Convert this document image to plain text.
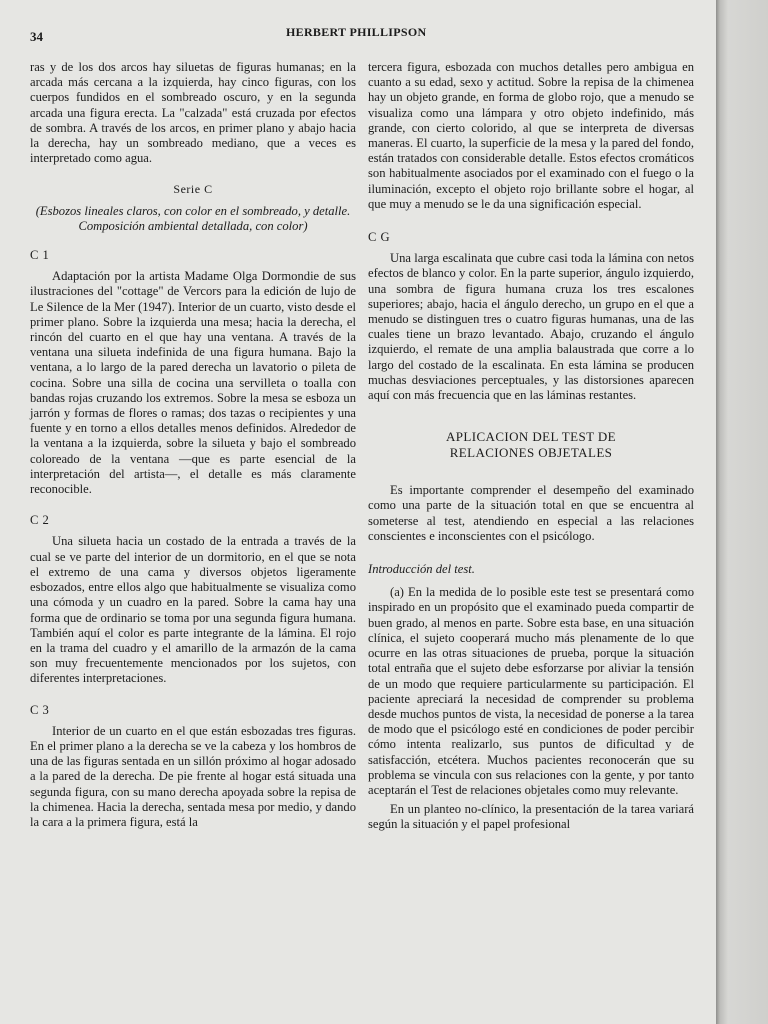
34	HERBERT PHILLIPSON

ras y de los dos arcos hay siluetas de figuras humanas; en la arcada más cercana a la izquierda, hay cinco figuras, con los cuerpos fundidos en el sombreado oscuro, y en la segunda arcada una figura erecta. La "calzada" está cruzada por efectos de sombra. A través de los arcos, en primer plano y abajo hacia la derecha, hay un sombreado mediano, que a veces es interpretado como agua.

Serie C
(Esbozos lineales claros, con color en el sombreado, y detalle. Composición ambiental detallada, con color)
C 1

Adaptación por la artista Madame Olga Dormondie de sus ilustraciones del "cottage" de Vercors para la edición de lujo de Le Silence de la Mer (1947). Interior de un cuarto, visto desde el primer plano. Sobre la izquierda una mesa; hacia la derecha, el rincón del cuarto en el que hay una ventana. A través de la ventana una silueta indefinida de una figura humana. Bajo la ventana, a lo largo de la pared derecha un lavatorio o pileta de cocina. Sobre una silla de cocina una servilleta o toalla con bandas rojas cruzando los extremos. Sobre la mesa se esboza un jarrón y formas de flores o ramas; dos tazas o recipientes y una fuente y en torno a ellos detalles menos definidos. Alrededor de la ventana a la izquierda, sobre la silueta y bajo el sombreado coloreado de la ventana —que es parte esencial de la interpretación del artista—, el detalle es más claramente reconocible.

C 2

Una silueta hacia un costado de la entrada a través de la cual se ve parte del interior de un dormitorio, en el que se nota el extremo de una cama y diversos objetos ligeramente esbozados, entre ellos algo que habitualmente se visualiza como una cómoda y un cuadro en la pared. Sobre la cama hay una forma que de ordinario se toma por una segunda figura humana. También aquí el color es parte integrante de la lámina. El rojo en la trama del cuadro y el amarillo de la armazón de la cama son muy frecuentemente mencionados por los sujetos, con diferentes interpretaciones.

C 3

Interior de un cuarto en el que están esbozadas tres figuras. En el primer plano a la derecha se ve la cabeza y los hombros de una de las figuras sentada en un sillón próximo al hogar adosado a la pared de la derecha. De pie frente al hogar está situada una segunda figura, con su mano derecha apoyada sobre la repisa de la chimenea. Hacia la derecha, sentada mesa por medio, y dando la cara a la primera figura, está la

tercera figura, esbozada con muchos detalles pero ambigua en cuanto a su edad, sexo y actitud. Sobre la repisa de la chimenea hay un objeto grande, en forma de globo rojo, que a menudo se visualiza como una lámpara y otro objeto indefinido, más grande, con cierto colorido, al que se interpreta de diversas maneras. El cuarto, la superficie de la mesa y la pared del fondo, están tratados con considerable detalle. Estos efectos cromáticos son habitualmente asociados por el examinado con el fuego o la iluminación, excepto el objeto rojo brillante sobre el hogar, al que muy a menudo se le da una significación especial.

C G

Una larga escalinata que cubre casi toda la lámina con netos efectos de blanco y color. En la parte superior, ángulo izquierdo, una sombra de figura humana cruza los tres escalones superiores; abajo, hacia el ángulo derecho, un grupo en el que a menudo se distinguen tres o cuatro figuras humanas, una de las cuales tiene un brazo levantado. Abajo, cruzando el ángulo izquierdo, el remate de una amplia balaustrada que corre a lo largo del costado de la escalinata. En esta lámina se producen muchas desviaciones perceptuales, y las distorsiones aparecen aquí con más frecuencia que en las láminas restantes.

APLICACION DEL TEST DE
RELACIONES OBJETALES

Es importante comprender el desempeño del examinado como una parte de la situación total en que se encuentra al someterse al test, atendiendo en especial a las relaciones conscientes e inconscientes con el psicólogo.

Introducción del test.

(a) En la medida de lo posible este test se presentará como inspirado en un propósito que el examinado pueda compartir de buen grado, al menos en parte. Sobre esta base, en una situación clínica, el sujeto cooperará mucho más plenamente de lo que ocurre en las otras situaciones de prueba, porque la situación total entraña que el sujeto debe esforzarse por aliviar la tensión de un modo que requiere particularmente su participación. El paciente apreciará la necesidad de comprender su problema desde muchos puntos de vista, la necesidad de ponerse a la tarea de modo que el psicólogo esté en condiciones de poder percibir cómo intenta realizarlo, sus puntos de dificultad y de satisfacción, etcétera. Muchos pacientes reconocerán que su problema se vincula con sus relaciones con la gente, y por tanto aceptarán el Test de relaciones objetales como muy relevante.

En un planteo no-clínico, la presentación de la tarea variará según la situación y el papel profesional
